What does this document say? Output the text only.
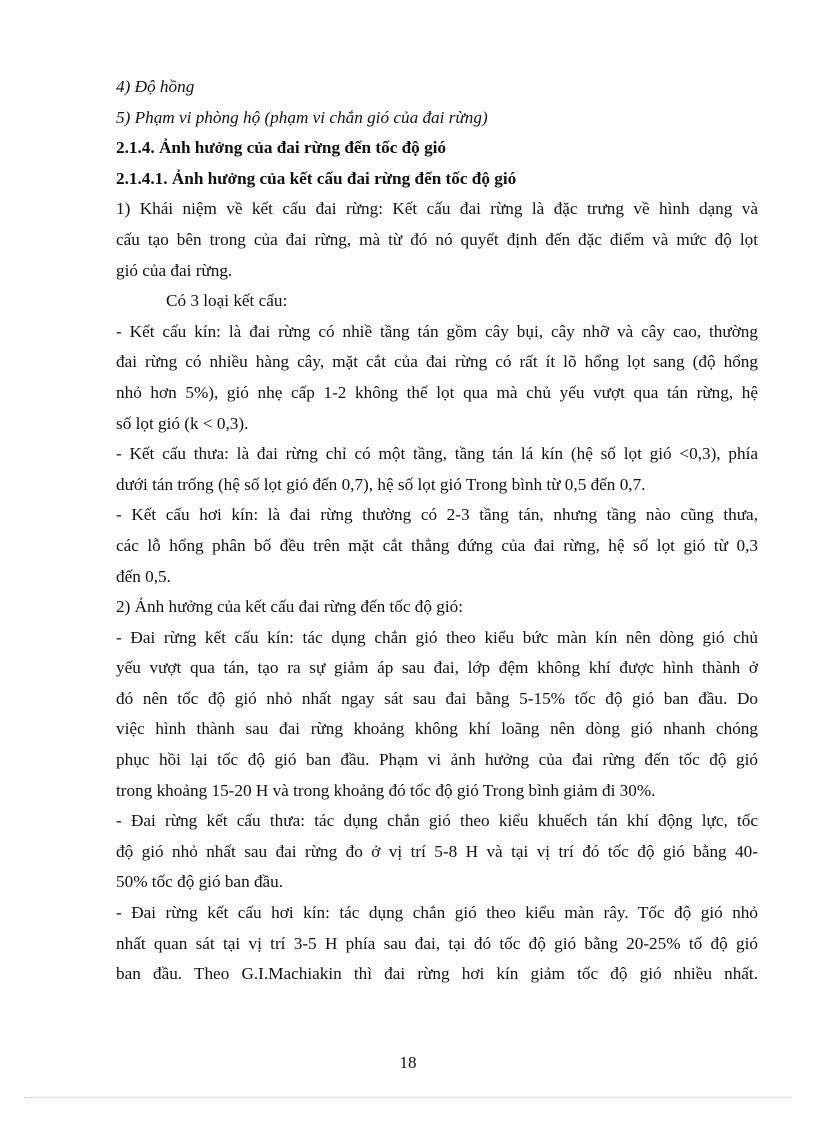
4) Độ hồng
5) Phạm vi phòng hộ (phạm vi chắn gió của đai rừng)
2.1.4. Ảnh hưởng của đai rừng đến tốc độ gió
2.1.4.1. Ảnh hưởng của kết cấu đai rừng đến tốc độ gió
1) Khái niệm về kết cấu đai rừng: Kết cấu đai rừng là đặc trưng về hình dạng và
cấu tạo bên trong của đai rừng, mà từ đó nó quyết định đến đặc điểm và mức độ lọt
gió của đai rừng.
Có 3 loại kết cấu:
- Kết cấu kín: là đai rừng có nhiề tầng tán gồm cây bụi, cây nhỡ và cây cao, thường
đai rừng có nhiều hàng cây, mặt cắt của đai rừng có rất ít lõ hổng lọt sang (độ hổng
nhỏ hơn 5%), gió nhẹ cấp 1-2 không thể lọt qua mà chủ yếu vượt qua tán rừng, hệ
số lọt gió (k < 0,3).
- Kết cấu thưa: là đai rừng chỉ có một tầng, tầng tán lá kín (hệ số lọt gió <0,3), phía
dưới tán trống (hệ số lọt gió đến 0,7), hệ số lọt gió Trong bình từ 0,5 đến 0,7.
- Kết cấu hơi kín: là đai rừng thường có 2-3 tầng tán, nhưng tầng nào cũng thưa,
các lỗ hổng phân bố đều trên mặt cắt thẳng đứng của đai rừng, hệ số lọt gió từ 0,3
đến 0,5.
2) Ảnh hưởng của kết cấu đai rừng đến tốc độ gió:
- Đai rừng kết cấu kín: tác dụng chắn gió theo kiểu bức màn kín nên dòng gió chủ
yếu vượt qua tán, tạo ra sự giảm áp sau đai, lớp đệm không khí được hình thành ở
đó nên tốc độ gió nhỏ nhất ngay sát sau đai bằng 5-15% tốc độ gió ban đầu. Do
việc hình thành sau đai rừng khoảng không khí loãng nên dòng gió nhanh chóng
phục hồi lại tốc độ gió ban đầu. Phạm vi ảnh hưởng của đai rừng đến tốc độ gió
trong khoảng 15-20 H và trong khoảng đó tốc độ gió Trong bình giảm đi 30%.
- Đai rừng kết cấu thưa: tác dụng chắn gió theo kiểu khuếch tán khí động lực, tốc
độ gió nhỏ nhất sau đai rừng đo ở vị trí 5-8 H và tại vị trí đó tốc độ gió bằng 40-
50% tốc độ gió ban đầu.
- Đai rừng kết cấu hơi kín: tác dụng chắn gió theo kiểu màn rây. Tốc độ gió nhỏ
nhất quan sát tại vị trí 3-5 H phía sau đai, tại đó tốc độ gió bằng 20-25% tố độ gió
ban đầu. Theo G.I.Machiakin thì đai rừng hơi kín giảm tốc độ gió nhiều nhất.
18
